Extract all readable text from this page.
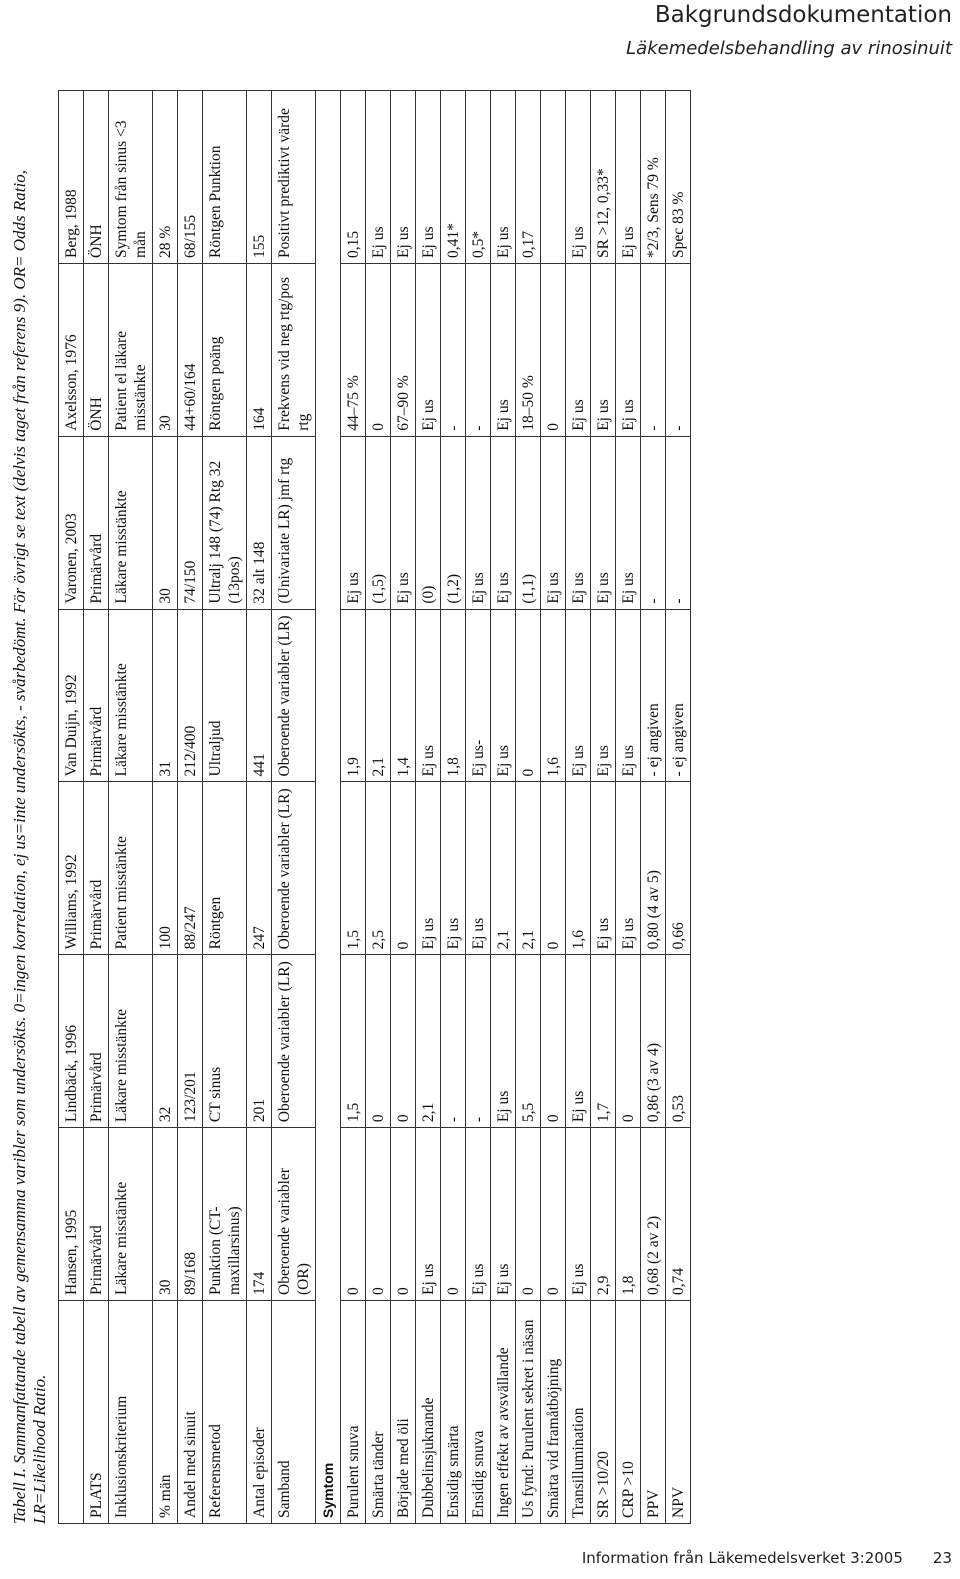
Bakgrundsdokumentation
Läkemedelsbehandling av rinosinuit

Tabell I. Sammanfattande tabell av gemensamma varibler som undersökts. 0=ingen korrelation, ej us=inte undersökts, - svårbedömt. För övrigt se text (delvis taget från referens 9). OR= Odds Ratio, LR=Likelihood Ratio.

	Hansen, 1995	Lindbäck, 1996	Williams, 1992	Van Duijn, 1992	Varonen, 2003	Axelsson, 1976	Berg, 1988
PLATS	Primärvård	Primärvård	Primärvård	Primärvård	Primärvård	ÖNH	ÖNH
Inklusionskriterium	Läkare misstänkte	Läkare misstänkte	Patient misstänkte	Läkare misstänkte	Läkare misstänkte	Patient el läkare misstänkte	Symtom från sinus <3 mån
% män	30	32	100	31	30	30	28 %
Andel med sinuit	89/168	123/201	88/247	212/400	74/150	44+60/164	68/155
Referensmetod	Punktion (CT-maxillarsinus)	CT sinus	Röntgen	Ultraljud	Ultralj 148 (74) Rtg 32 (13pos)	Röntgen poäng	Röntgen Punktion
Antal episoder	174	201	247	441	32 alt 148	164	155
Samband	Oberoende variabler (OR)	Oberoende variabler (LR)	Oberoende variabler (LR)	Oberoende variabler (LR)	(Univariate LR) jmf rtg	Frekvens vid neg rtg/pos rtg	Positivt prediktivt värde
Symtom							
Purulent snuva	0	1,5	1,5	1,9	Ej us	44–75 %	0,15
Smärta tänder	0	0	2,5	2,1	(1,5)	0	Ej us
Började med öli	0	0	0	1,4	Ej us	67–90 %	Ej us
Dubbelinsjuknande	Ej us	2,1	Ej us	Ej us	(0)	Ej us	Ej us
Ensidig smärta	0	-	Ej us	1,8	(1,2)	-	0,41*
Ensidig snuva	Ej us	-	Ej us	Ej us-	Ej us	-	0,5*
Ingen effekt av avsvällande	Ej us	Ej us	2,1	Ej us	Ej us	Ej us	Ej us
Us fynd: Purulent sekret i näsan	0	5,5	2,1	0	(1,1)	18–50 %	0,17
Smärta vid framåtböjning	0	0	0	1,6	Ej us	0	
Transillumination	Ej us	Ej us	1,6	Ej us	Ej us	Ej us	Ej us
SR >10/20	2,9	1,7	Ej us	Ej us	Ej us	Ej us	SR >12, 0,33*
CRP >10	1,8	0	Ej us	Ej us	Ej us	Ej us	Ej us
PPV	0,68 (2 av 2)	0,86 (3 av 4)	0,80 (4 av 5)	- ej angiven	-	-	*2/3, Sens 79 %
NPV	0,74	0,53	0,66	- ej angiven	-	-	Spec 83 %
Information från Läkemedelsverket 3:2005 23
